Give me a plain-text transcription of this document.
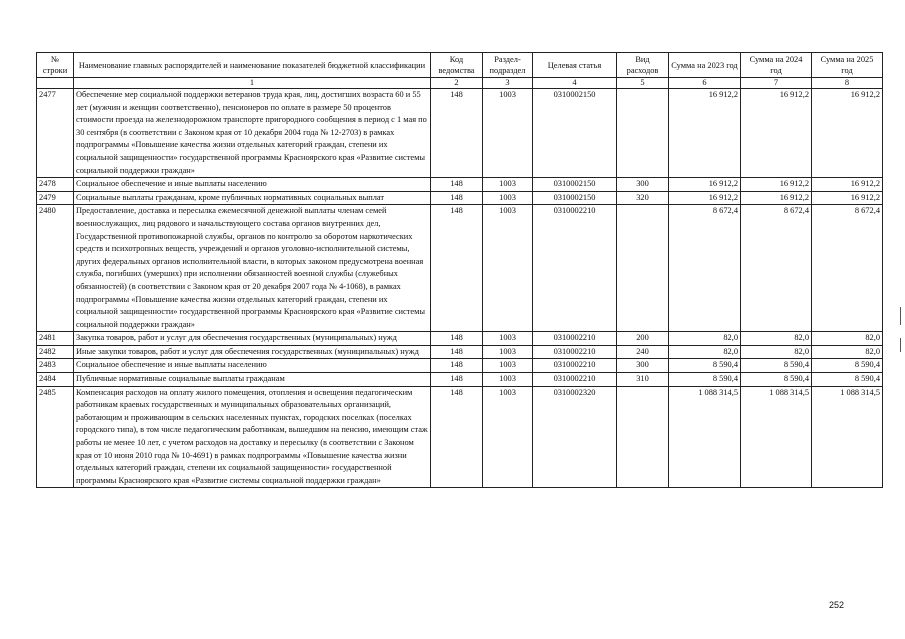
№ строки	Наименование главных распорядителей и наименование показателей бюджетной классификации	Код ведомства	Раздел-подраздел	Целевая статья	Вид расходов	Сумма на 2023 год	Сумма на 2024 год	Сумма на 2025 год
	1	2	3	4	5	6	7	8
2477	Обеспечение мер социальной поддержки ветеранов труда края, лиц, достигших возраста 60 и 55 лет (мужчин и женщин соответственно), пенсионеров по оплате в размере 50 процентов стоимости проезда на железнодорожном транспорте пригородного сообщения в период с 1 мая по 30 сентября (в соответствии с Законом края от 10 декабря 2004 года № 12-2703) в рамках подпрограммы «Повышение качества жизни отдельных категорий граждан, степени их социальной защищенности» государственной программы Красноярского края «Развитие системы социальной поддержки граждан»	148	1003	0310002150		16 912,2	16 912,2	16 912,2
2478	Социальное обеспечение и иные выплаты населению	148	1003	0310002150	300	16 912,2	16 912,2	16 912,2
2479	Социальные выплаты гражданам, кроме публичных нормативных социальных выплат	148	1003	0310002150	320	16 912,2	16 912,2	16 912,2
2480	Предоставление, доставка и пересылка ежемесячной денежной выплаты членам семей военнослужащих, лиц рядового и начальствующего состава органов внутренних дел, Государственной противопожарной службы, органов по контролю за оборотом наркотических средств и психотропных веществ, учреждений и органов уголовно-исполнительной системы, других федеральных органов исполнительной власти, в которых законом предусмотрена военная служба, погибших (умерших) при исполнении обязанностей военной службы (служебных обязанностей) (в соответствии с Законом края от 20 декабря 2007 года № 4-1068), в рамках подпрограммы «Повышение качества жизни отдельных категорий граждан, степени их социальной защищенности» государственной программы Красноярского края «Развитие системы социальной поддержки граждан»	148	1003	0310002210		8 672,4	8 672,4	8 672,4
2481	Закупка товаров, работ и услуг для обеспечения государственных (муниципальных) нужд	148	1003	0310002210	200	82,0	82,0	82,0
2482	Иные закупки товаров, работ и услуг для обеспечения государственных (муниципальных) нужд	148	1003	0310002210	240	82,0	82,0	82,0
2483	Социальное обеспечение и иные выплаты населению	148	1003	0310002210	300	8 590,4	8 590,4	8 590,4
2484	Публичные нормативные социальные выплаты гражданам	148	1003	0310002210	310	8 590,4	8 590,4	8 590,4
2485	Компенсация расходов на оплату жилого помещения, отопления и освещения педагогическим работникам краевых государственных и муниципальных образовательных организаций, работающим и проживающим в сельских населенных пунктах, городских поселках (поселках городского типа), в том числе педагогическим работникам, вышедшим на пенсию, имеющим стаж работы не менее 10 лет, с учетом расходов на доставку и пересылку (в соответствии с Законом края от 10 июня 2010 года № 10-4691) в рамках подпрограммы «Повышение качества жизни отдельных категорий граждан, степени их социальной защищенности» государственной программы Красноярского края «Развитие системы социальной поддержки граждан»	148	1003	0310002320		1 088 314,5	1 088 314,5	1 088 314,5
252
